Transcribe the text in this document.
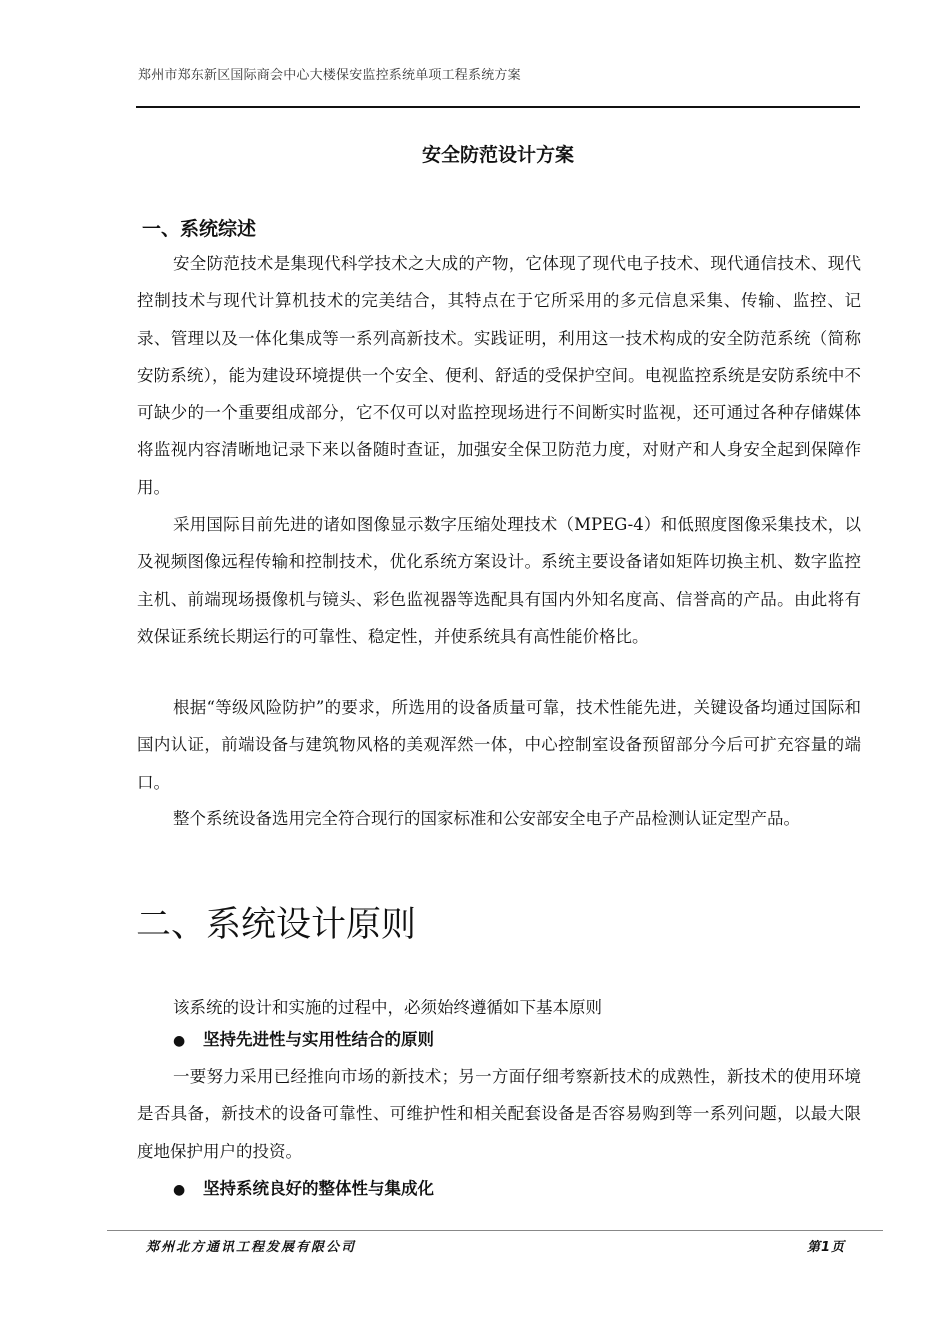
郑州市郑东新区国际商会中心大楼保安监控系统单项工程系统方案
安全防范设计方案
一、系统综述

安全防范技术是集现代科学技术之大成的产物，它体现了现代电子技术、现代通信技术、现代控制技术与现代计算机技术的完美结合，其特点在于它所采用的多元信息采集、传输、监控、记录、管理以及一体化集成等一系列高新技术。实践证明，利用这一技术构成的安全防范系统（简称安防系统），能为建设环境提供一个安全、便利、舒适的受保护空间。电视监控系统是安防系统中不可缺少的一个重要组成部分，它不仅可以对监控现场进行不间断实时监视，还可通过各种存储媒体将监视内容清晰地记录下来以备随时查证，加强安全保卫防范力度，对财产和人身安全起到保障作用。

采用国际目前先进的诸如图像显示数字压缩处理技术（MPEG-4）和低照度图像采集技术，以及视频图像远程传输和控制技术，优化系统方案设计。系统主要设备诸如矩阵切换主机、数字监控主机、前端现场摄像机与镜头、彩色监视器等选配具有国内外知名度高、信誉高的产品。由此将有效保证系统长期运行的可靠性、稳定性，并使系统具有高性能价格比。

根据“等级风险防护”的要求，所选用的设备质量可靠，技术性能先进，关键设备均通过国际和国内认证，前端设备与建筑物风格的美观浑然一体，中心控制室设备预留部分今后可扩充容量的端口。

整个系统设备选用完全符合现行的国家标准和公安部安全电子产品检测认证定型产品。

二、系统设计原则
该系统的设计和实施的过程中，必须始终遵循如下基本原则
● 坚持先进性与实用性结合的原则

一要努力采用已经推向市场的新技术；另一方面仔细考察新技术的成熟性，新技术的使用环境是否具备，新技术的设备可靠性、可维护性和相关配套设备是否容易购到等一系列问题，以最大限度地保护用户的投资。

● 坚持系统良好的整体性与集成化
郑州北方通讯工程发展有限公司	第1页
